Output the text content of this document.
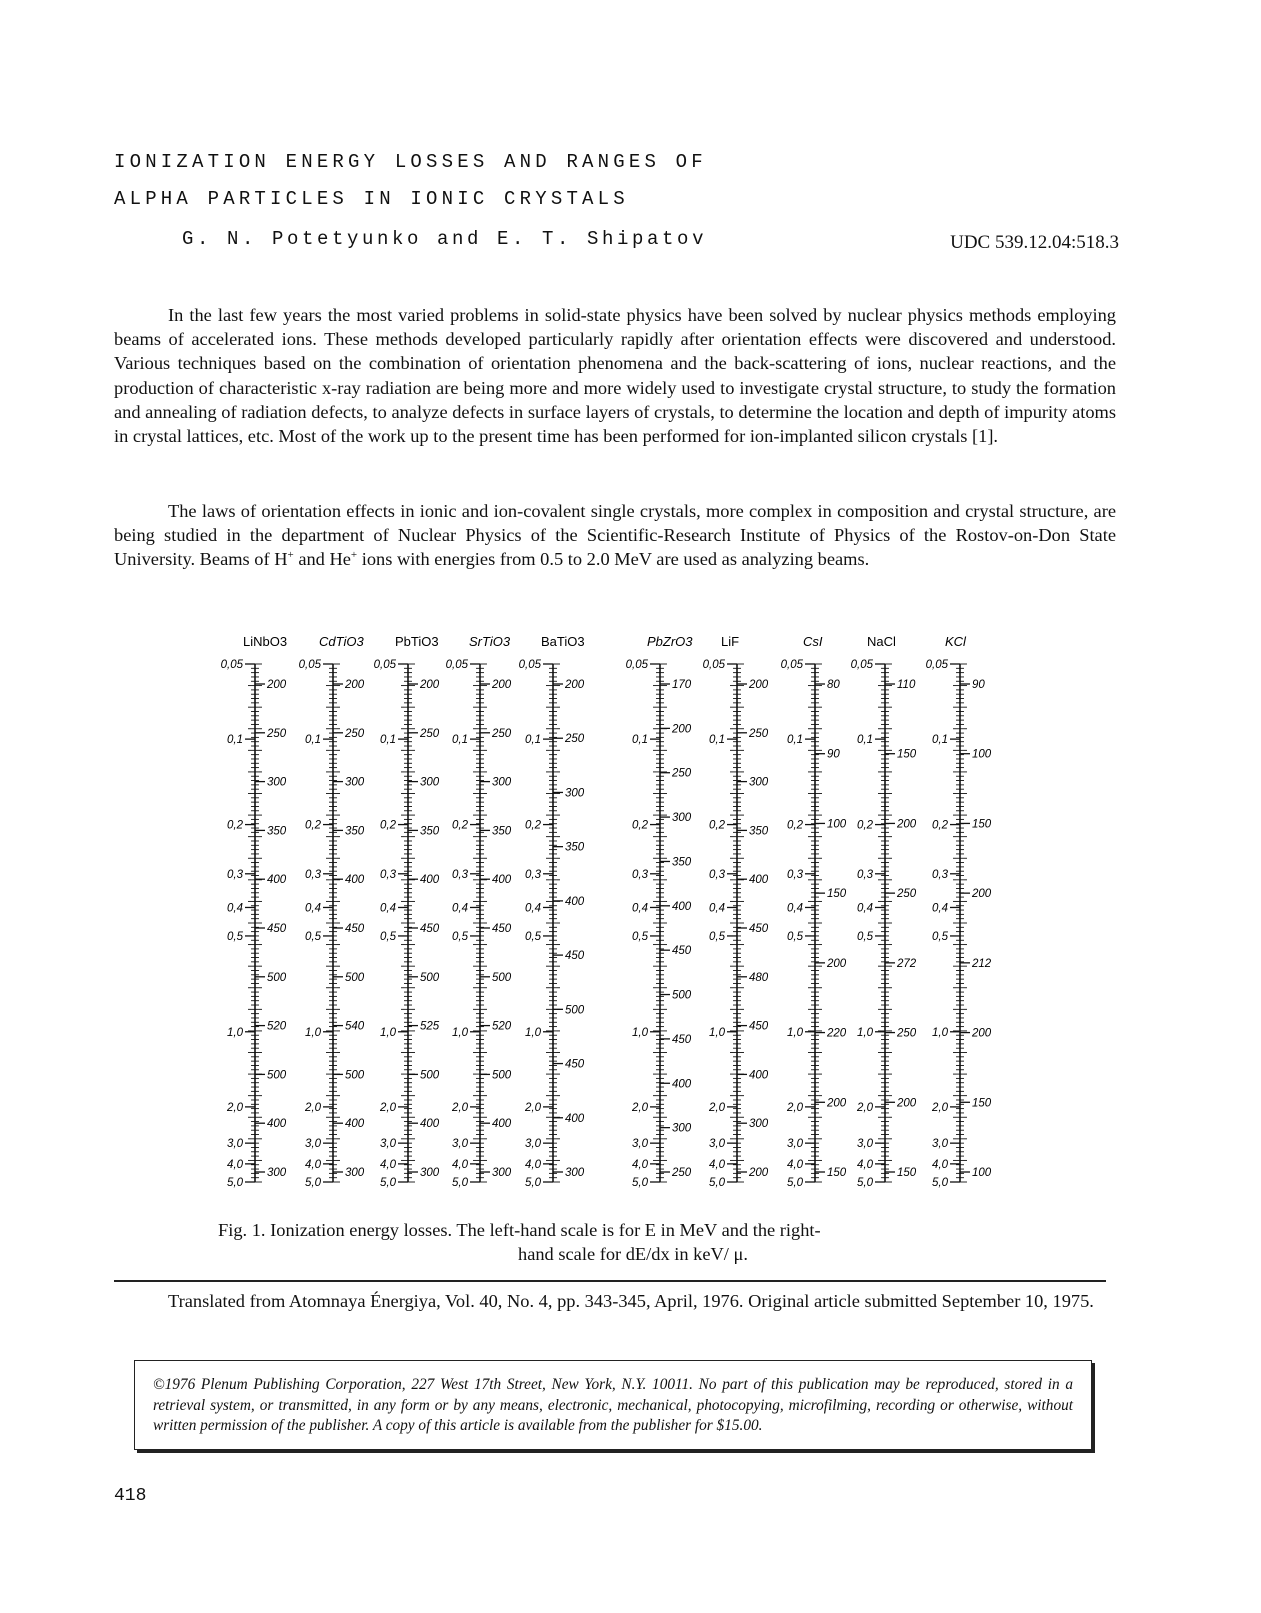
IONIZATION ENERGY LOSSES AND RANGES OF
ALPHA PARTICLES IN IONIC CRYSTALS
G. N. Potetyunko and E. T. Shipatov	UDC 539.12.04:518.3

In the last few years the most varied problems in solid-state physics have been solved by nuclear physics methods employing beams of accelerated ions. These methods developed particularly rapidly after orientation effects were discovered and understood. Various techniques based on the combination of orientation phenomena and the back-scattering of ions, nuclear reactions, and the production of characteristic x-ray radiation are being more and more widely used to investigate crystal structure, to study the formation and annealing of radiation defects, to analyze defects in surface layers of crystals, to determine the location and depth of impurity atoms in crystal lattices, etc. Most of the work up to the present time has been performed for ion-implanted silicon crystals [1].

The laws of orientation effects in ionic and ion-covalent single crystals, more complex in composition and crystal structure, are being studied in the department of Nuclear Physics of the Scientific-Research Institute of Physics of the Rostov-on-Don State University. Beams of H+ and He+ ions with energies from 0.5 to 2.0 MeV are used as analyzing beams.

LiNbO3
0,05
0,1
0,2
0,3
0,4
0,5
1,0
2,0
3,0
4,0
5,0
200
250
300
350
400
450
500
520
500
400
300
CdTiO3
0,05
0,1
0,2
0,3
0,4
0,5
1,0
2,0
3,0
4,0
5,0
200
250
300
350
400
450
500
540
500
400
300
PbTiO3
0,05
0,1
0,2
0,3
0,4
0,5
1,0
2,0
3,0
4,0
5,0
200
250
300
350
400
450
500
525
500
400
300
SrTiO3
0,05
0,1
0,2
0,3
0,4
0,5
1,0
2,0
3,0
4,0
5,0
200
250
300
350
400
450
500
520
500
400
300
BaTiO3
0,05
0,1
0,2
0,3
0,4
0,5
1,0
2,0
3,0
4,0
5,0
200
250
300
350
400
450
500
450
400
300
PbZrO3
0,05
0,1
0,2
0,3
0,4
0,5
1,0
2,0
3,0
4,0
5,0
170
200
250
300
350
400
450
500
450
400
300
250
LiF
0,05
0,1
0,2
0,3
0,4
0,5
1,0
2,0
3,0
4,0
5,0
200
250
300
350
400
450
480
450
400
300
200
CsI
0,05
0,1
0,2
0,3
0,4
0,5
1,0
2,0
3,0
4,0
5,0
80
90
100
150
200
220
200
150
NaCl
0,05
0,1
0,2
0,3
0,4
0,5
1,0
2,0
3,0
4,0
5,0
110
150
200
250
272
250
200
150
KCl
0,05
0,1
0,2
0,3
0,4
0,5
1,0
2,0
3,0
4,0
5,0
90
100
150
200
212
200
150
100
Fig. 1. Ionization energy losses. The left-hand scale is for E in MeV and the right-
hand scale for dE/dx in keV/ μ.

Translated from Atomnaya Énergiya, Vol. 40, No. 4, pp. 343-345, April, 1976. Original article submitted September 10, 1975.

©1976 Plenum Publishing Corporation, 227 West 17th Street, New York, N.Y. 10011. No part of this publication may be reproduced, stored in a retrieval system, or transmitted, in any form or by any means, electronic, mechanical, photocopying, microfilming, recording or otherwise, without written permission of the publisher. A copy of this article is available from the publisher for $15.00.

418
